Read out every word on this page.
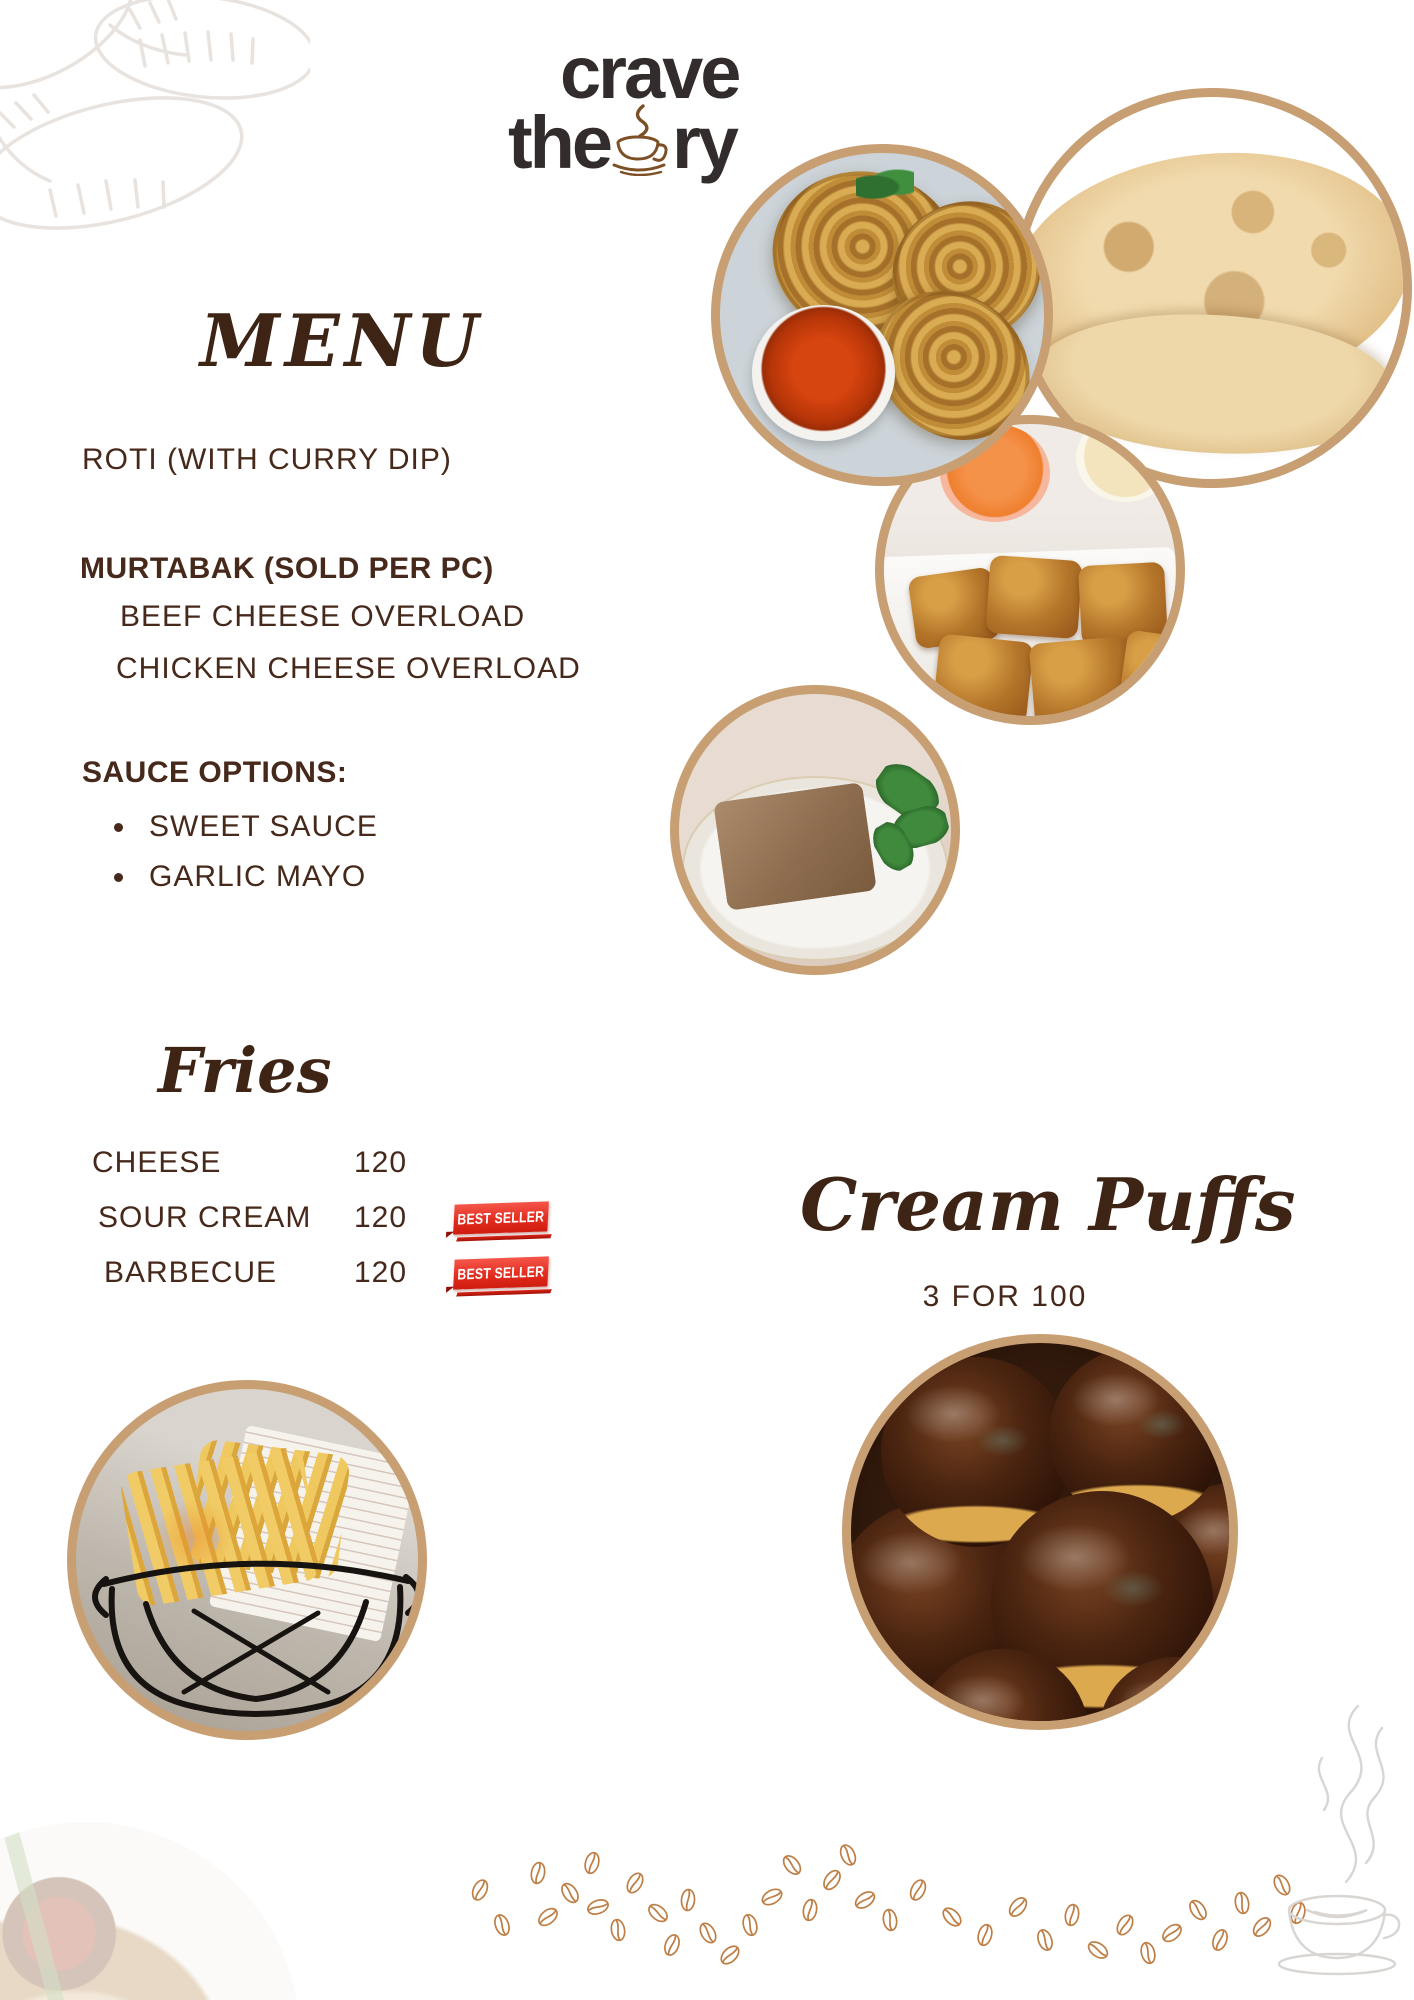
crave
the ry
MENU
ROTI (WITH CURRY DIP)
MURTABAK (SOLD PER PC)
BEEF CHEESE OVERLOAD
CHICKEN CHEESE OVERLOAD
SAUCE OPTIONS:
SWEET SAUCE
GARLIC MAYO
Fries
CHEESE	120
SOUR CREAM 120	BEST SELLER
BARBECUE	120	BEST SELLER
Cream Puffs
3 FOR 100
